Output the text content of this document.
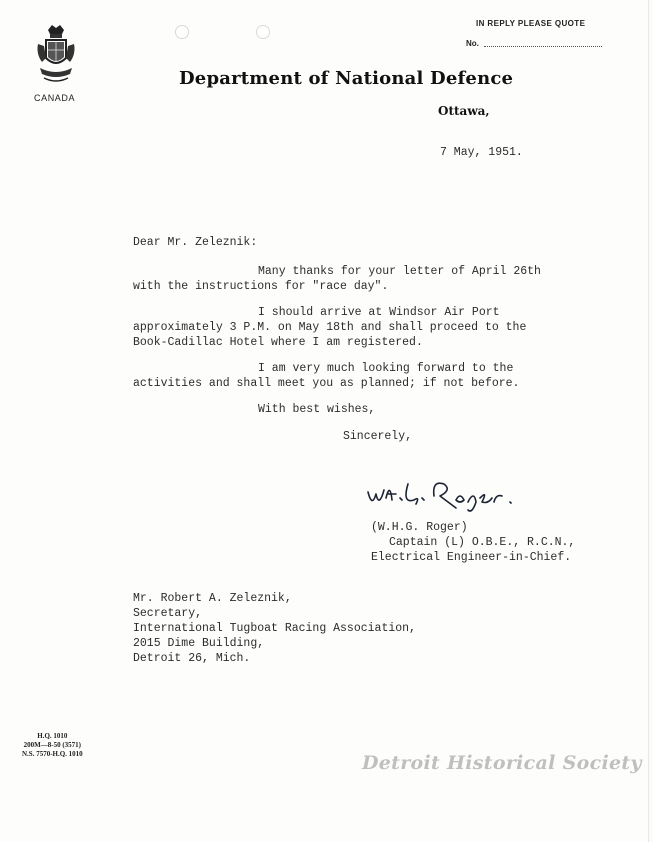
CANADA
IN REPLY PLEASE QUOTE
No.
Department of National Defence
Ottawa,
7 May, 1951.
Dear Mr. Zeleznik:
Many thanks for your letter of April 26th
with the instructions for "race day".
I should arrive at Windsor Air Port
approximately 3 P.M. on May 18th and shall proceed to the
Book-Cadillac Hotel where I am registered.
I am very much looking forward to the
activities and shall meet you as planned; if not before.
With best wishes,
Sincerely,
(W.H.G. Roger)
Captain (L) O.B.E., R.C.N.,
Electrical Engineer-in-Chief.
Mr. Robert A. Zeleznik,
Secretary,
International Tugboat Racing Association,
2015 Dime Building,
Detroit 26, Mich.
H.Q. 1010
200M—8-50 (3571)
N.S. 7570-H.Q. 1010	Detroit Historical Society
